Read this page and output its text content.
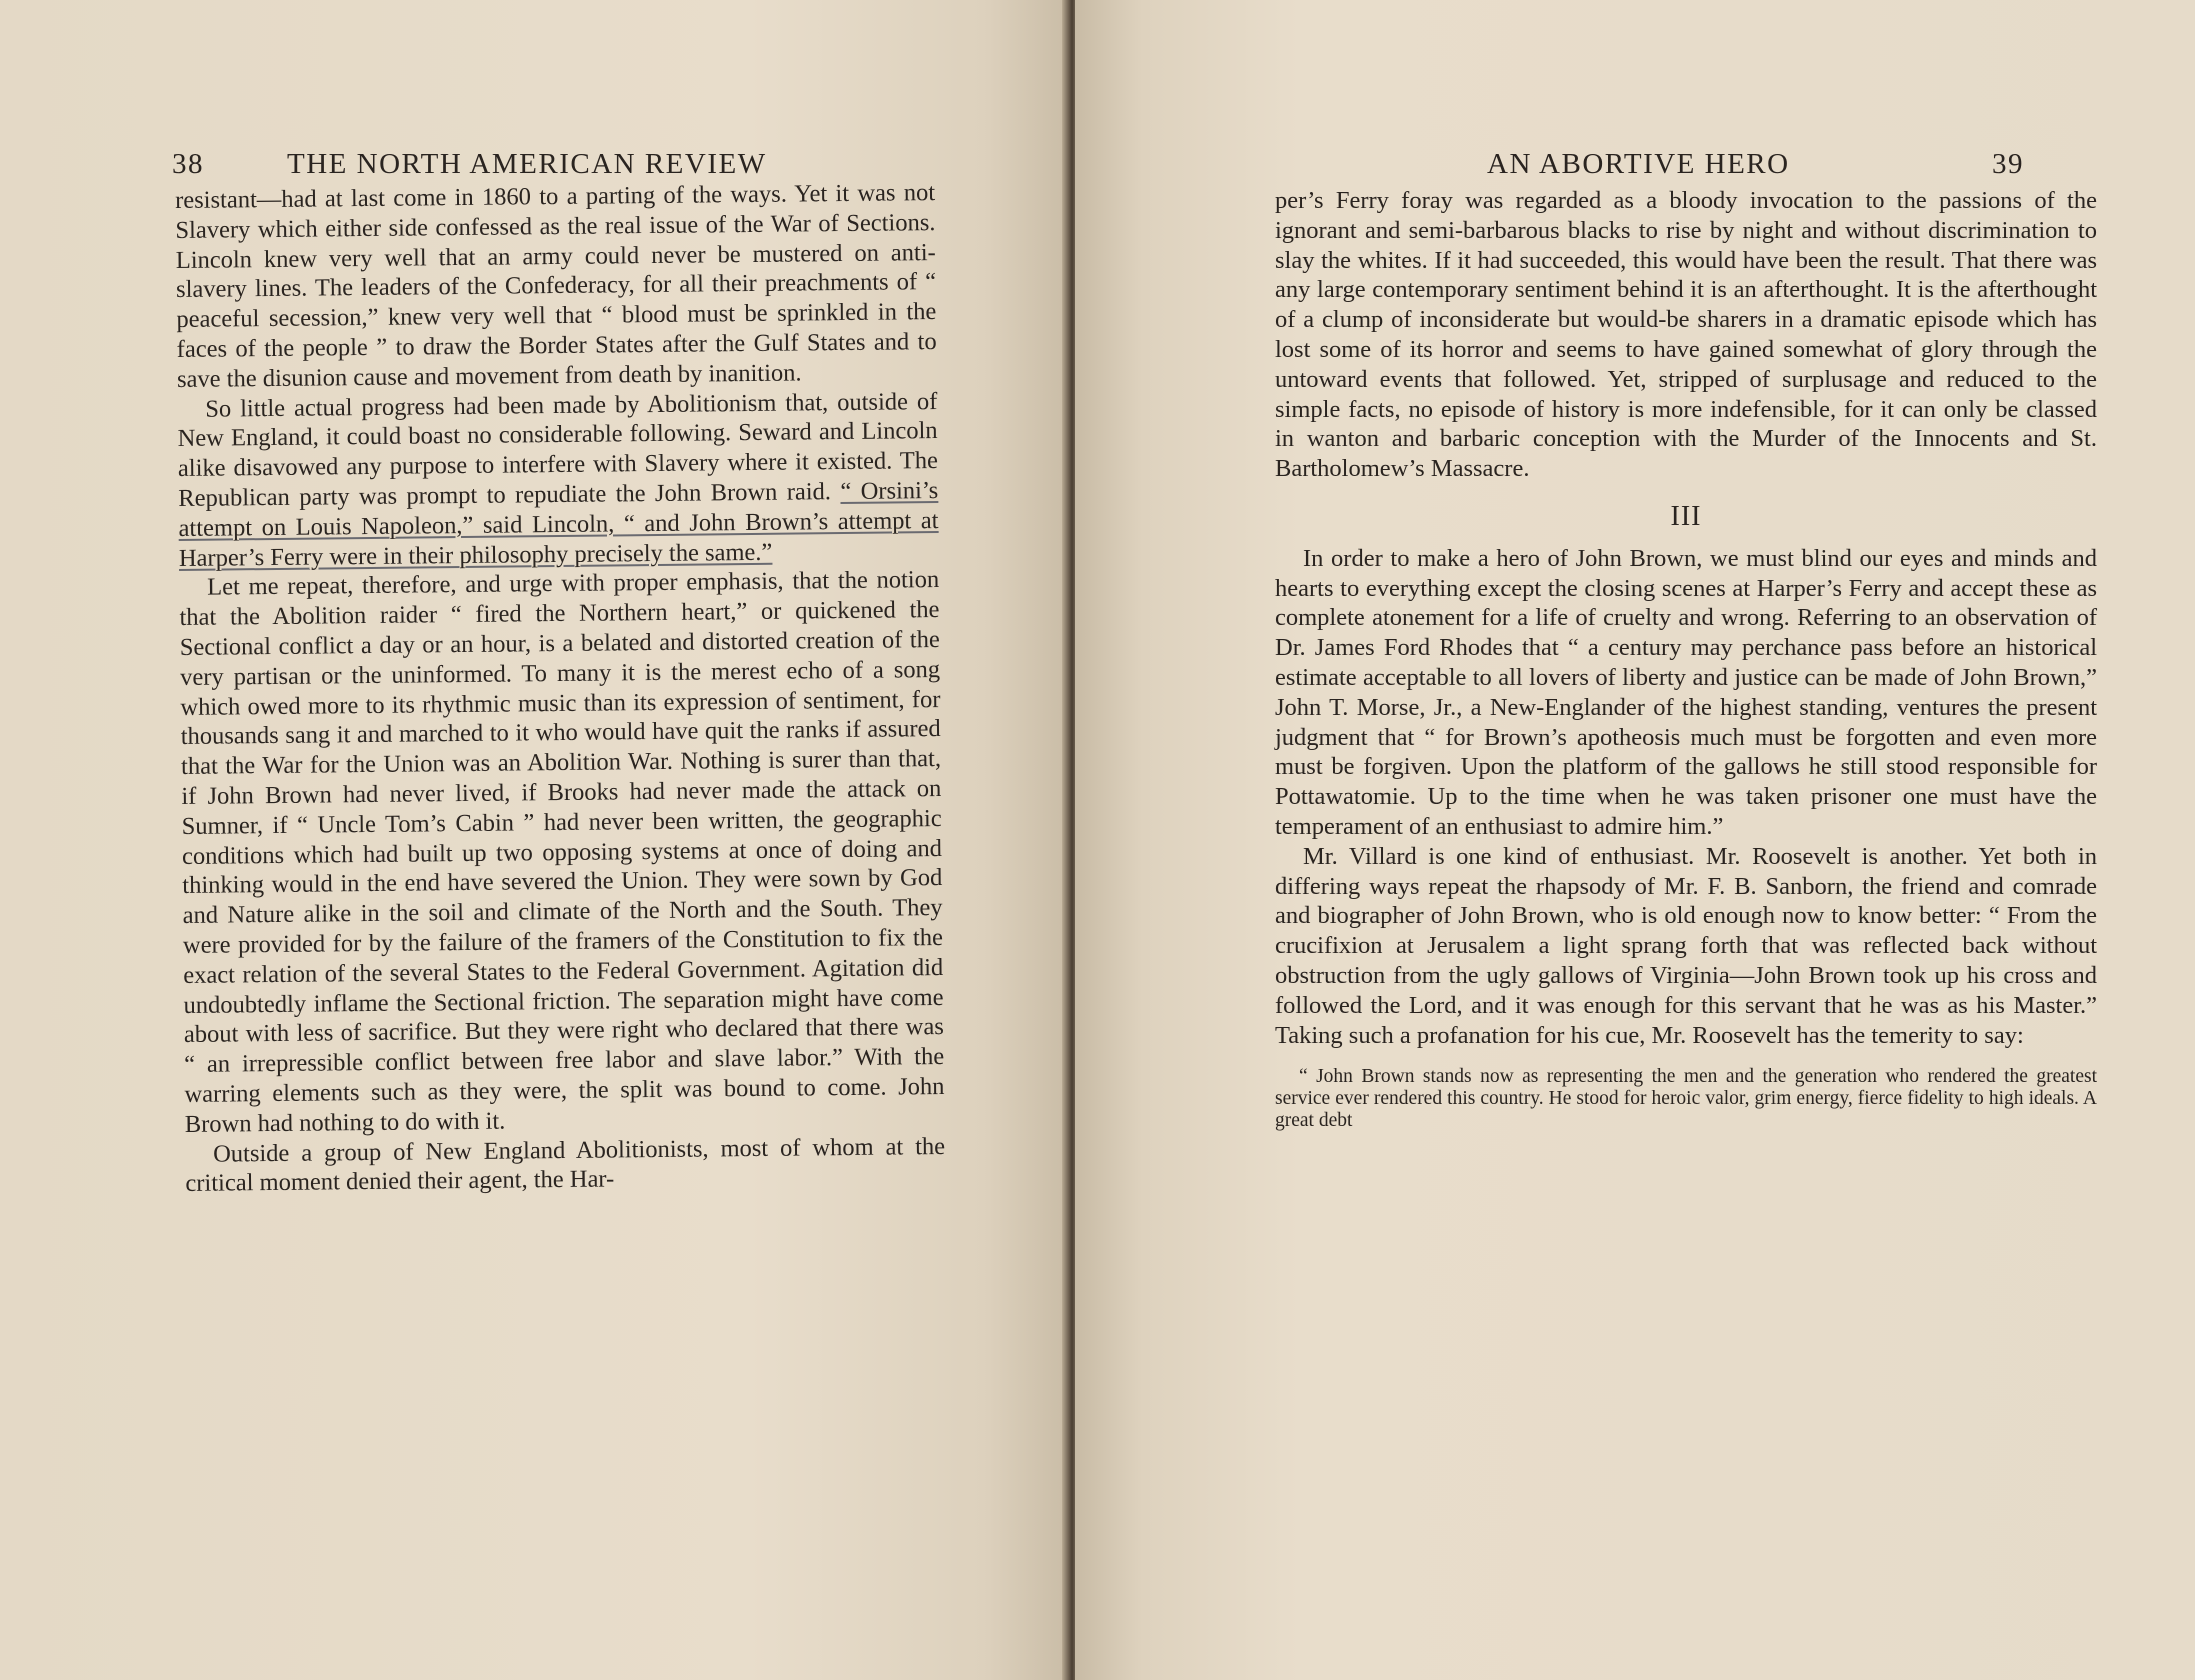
38	THE NORTH AMERICAN REVIEW

resistant—had at last come in 1860 to a parting of the ways. Yet it was not Slavery which either side confessed as the real issue of the War of Sections. Lincoln knew very well that an army could never be mustered on anti-slavery lines. The leaders of the Confederacy, for all their preachments of “ peaceful secession,” knew very well that “ blood must be sprinkled in the faces of the people ” to draw the Border States after the Gulf States and to save the disunion cause and movement from death by inanition.

So little actual progress had been made by Abolitionism that, outside of New England, it could boast no considerable following. Seward and Lincoln alike disavowed any purpose to interfere with Slavery where it existed. The Republican party was prompt to repudiate the John Brown raid. “ Orsini’s attempt on Louis Napoleon,” said Lincoln, “ and John Brown’s attempt at Harper’s Ferry were in their philosophy precisely the same.”

Let me repeat, therefore, and urge with proper emphasis, that the notion that the Abolition raider “ fired the Northern heart,” or quickened the Sectional conflict a day or an hour, is a belated and distorted creation of the very partisan or the uninformed. To many it is the merest echo of a song which owed more to its rhythmic music than its expression of sentiment, for thousands sang it and marched to it who would have quit the ranks if assured that the War for the Union was an Abolition War. Nothing is surer than that, if John Brown had never lived, if Brooks had never made the attack on Sumner, if “ Uncle Tom’s Cabin ” had never been written, the geographic conditions which had built up two opposing systems at once of doing and thinking would in the end have severed the Union. They were sown by God and Nature alike in the soil and climate of the North and the South. They were provided for by the failure of the framers of the Constitution to fix the exact relation of the several States to the Federal Government. Agitation did undoubtedly inflame the Sectional friction. The separation might have come about with less of sacrifice. But they were right who declared that there was “ an irrepressible conflict between free labor and slave labor.” With the warring elements such as they were, the split was bound to come. John Brown had nothing to do with it.

Outside a group of New England Abolitionists, most of whom at the critical moment denied their agent, the Har-

AN ABORTIVE HERO	39

per’s Ferry foray was regarded as a bloody invocation to the passions of the ignorant and semi-barbarous blacks to rise by night and without discrimination to slay the whites. If it had succeeded, this would have been the result. That there was any large contemporary sentiment behind it is an afterthought. It is the afterthought of a clump of inconsiderate but would-be sharers in a dramatic episode which has lost some of its horror and seems to have gained somewhat of glory through the untoward events that followed. Yet, stripped of surplusage and reduced to the simple facts, no episode of history is more indefensible, for it can only be classed in wanton and barbaric conception with the Murder of the Innocents and St. Bartholomew’s Massacre.

III

In order to make a hero of John Brown, we must blind our eyes and minds and hearts to everything except the closing scenes at Harper’s Ferry and accept these as complete atonement for a life of cruelty and wrong. Referring to an observation of Dr. James Ford Rhodes that “ a century may perchance pass before an historical estimate acceptable to all lovers of liberty and justice can be made of John Brown,” John T. Morse, Jr., a New-Englander of the highest standing, ventures the present judgment that “ for Brown’s apotheosis much must be forgotten and even more must be forgiven. Upon the platform of the gallows he still stood responsible for Pottawatomie. Up to the time when he was taken prisoner one must have the temperament of an enthusiast to admire him.”

Mr. Villard is one kind of enthusiast. Mr. Roosevelt is another. Yet both in differing ways repeat the rhapsody of Mr. F. B. Sanborn, the friend and comrade and biographer of John Brown, who is old enough now to know better: “ From the crucifixion at Jerusalem a light sprang forth that was reflected back without obstruction from the ugly gallows of Virginia—John Brown took up his cross and followed the Lord, and it was enough for this servant that he was as his Master.” Taking such a profanation for his cue, Mr. Roosevelt has the temerity to say:

“ John Brown stands now as representing the men and the generation who rendered the greatest service ever rendered this country. He stood for heroic valor, grim energy, fierce fidelity to high ideals. A great debt
